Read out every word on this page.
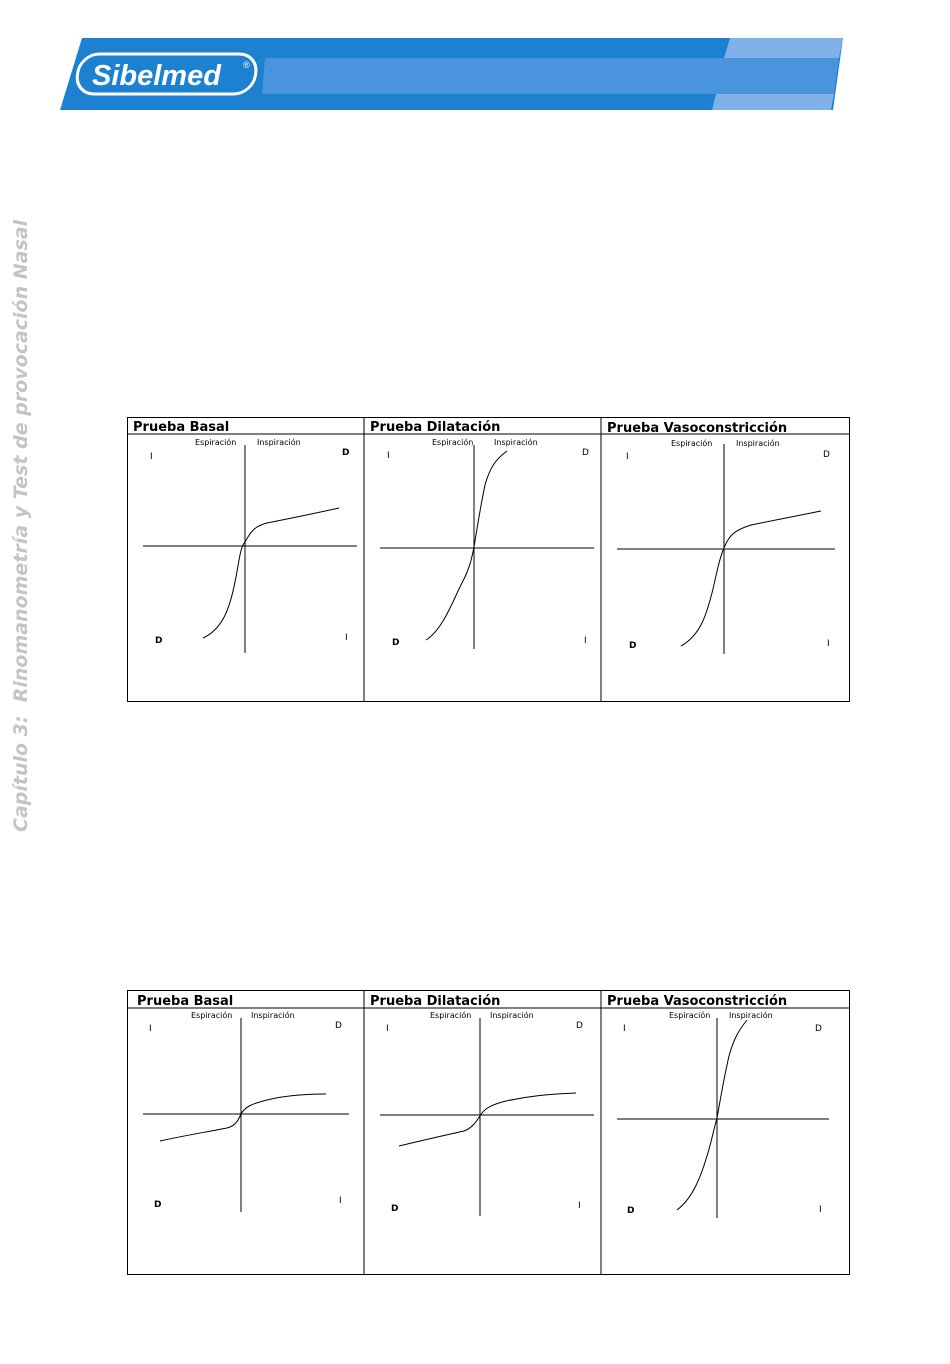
Sibelmed ®
Capítulo 3:  Rinomanometría y Test de provocación Nasal	Prueba Basal
Espiración	Inspiración
I	D
D	I
Prueba Dilatación
Espiración	Inspiración
I	D
D	I
Prueba Vasoconstricción
Espiración	Inspiración
I	D
D	I
Prueba Basal
Espiración Inspiración
I	D
D	I
Prueba Dilatación
Espiración Inspiración
I	D
D	I
Prueba Vasoconstricción
Espiración Inspiración
I	D
D	I
